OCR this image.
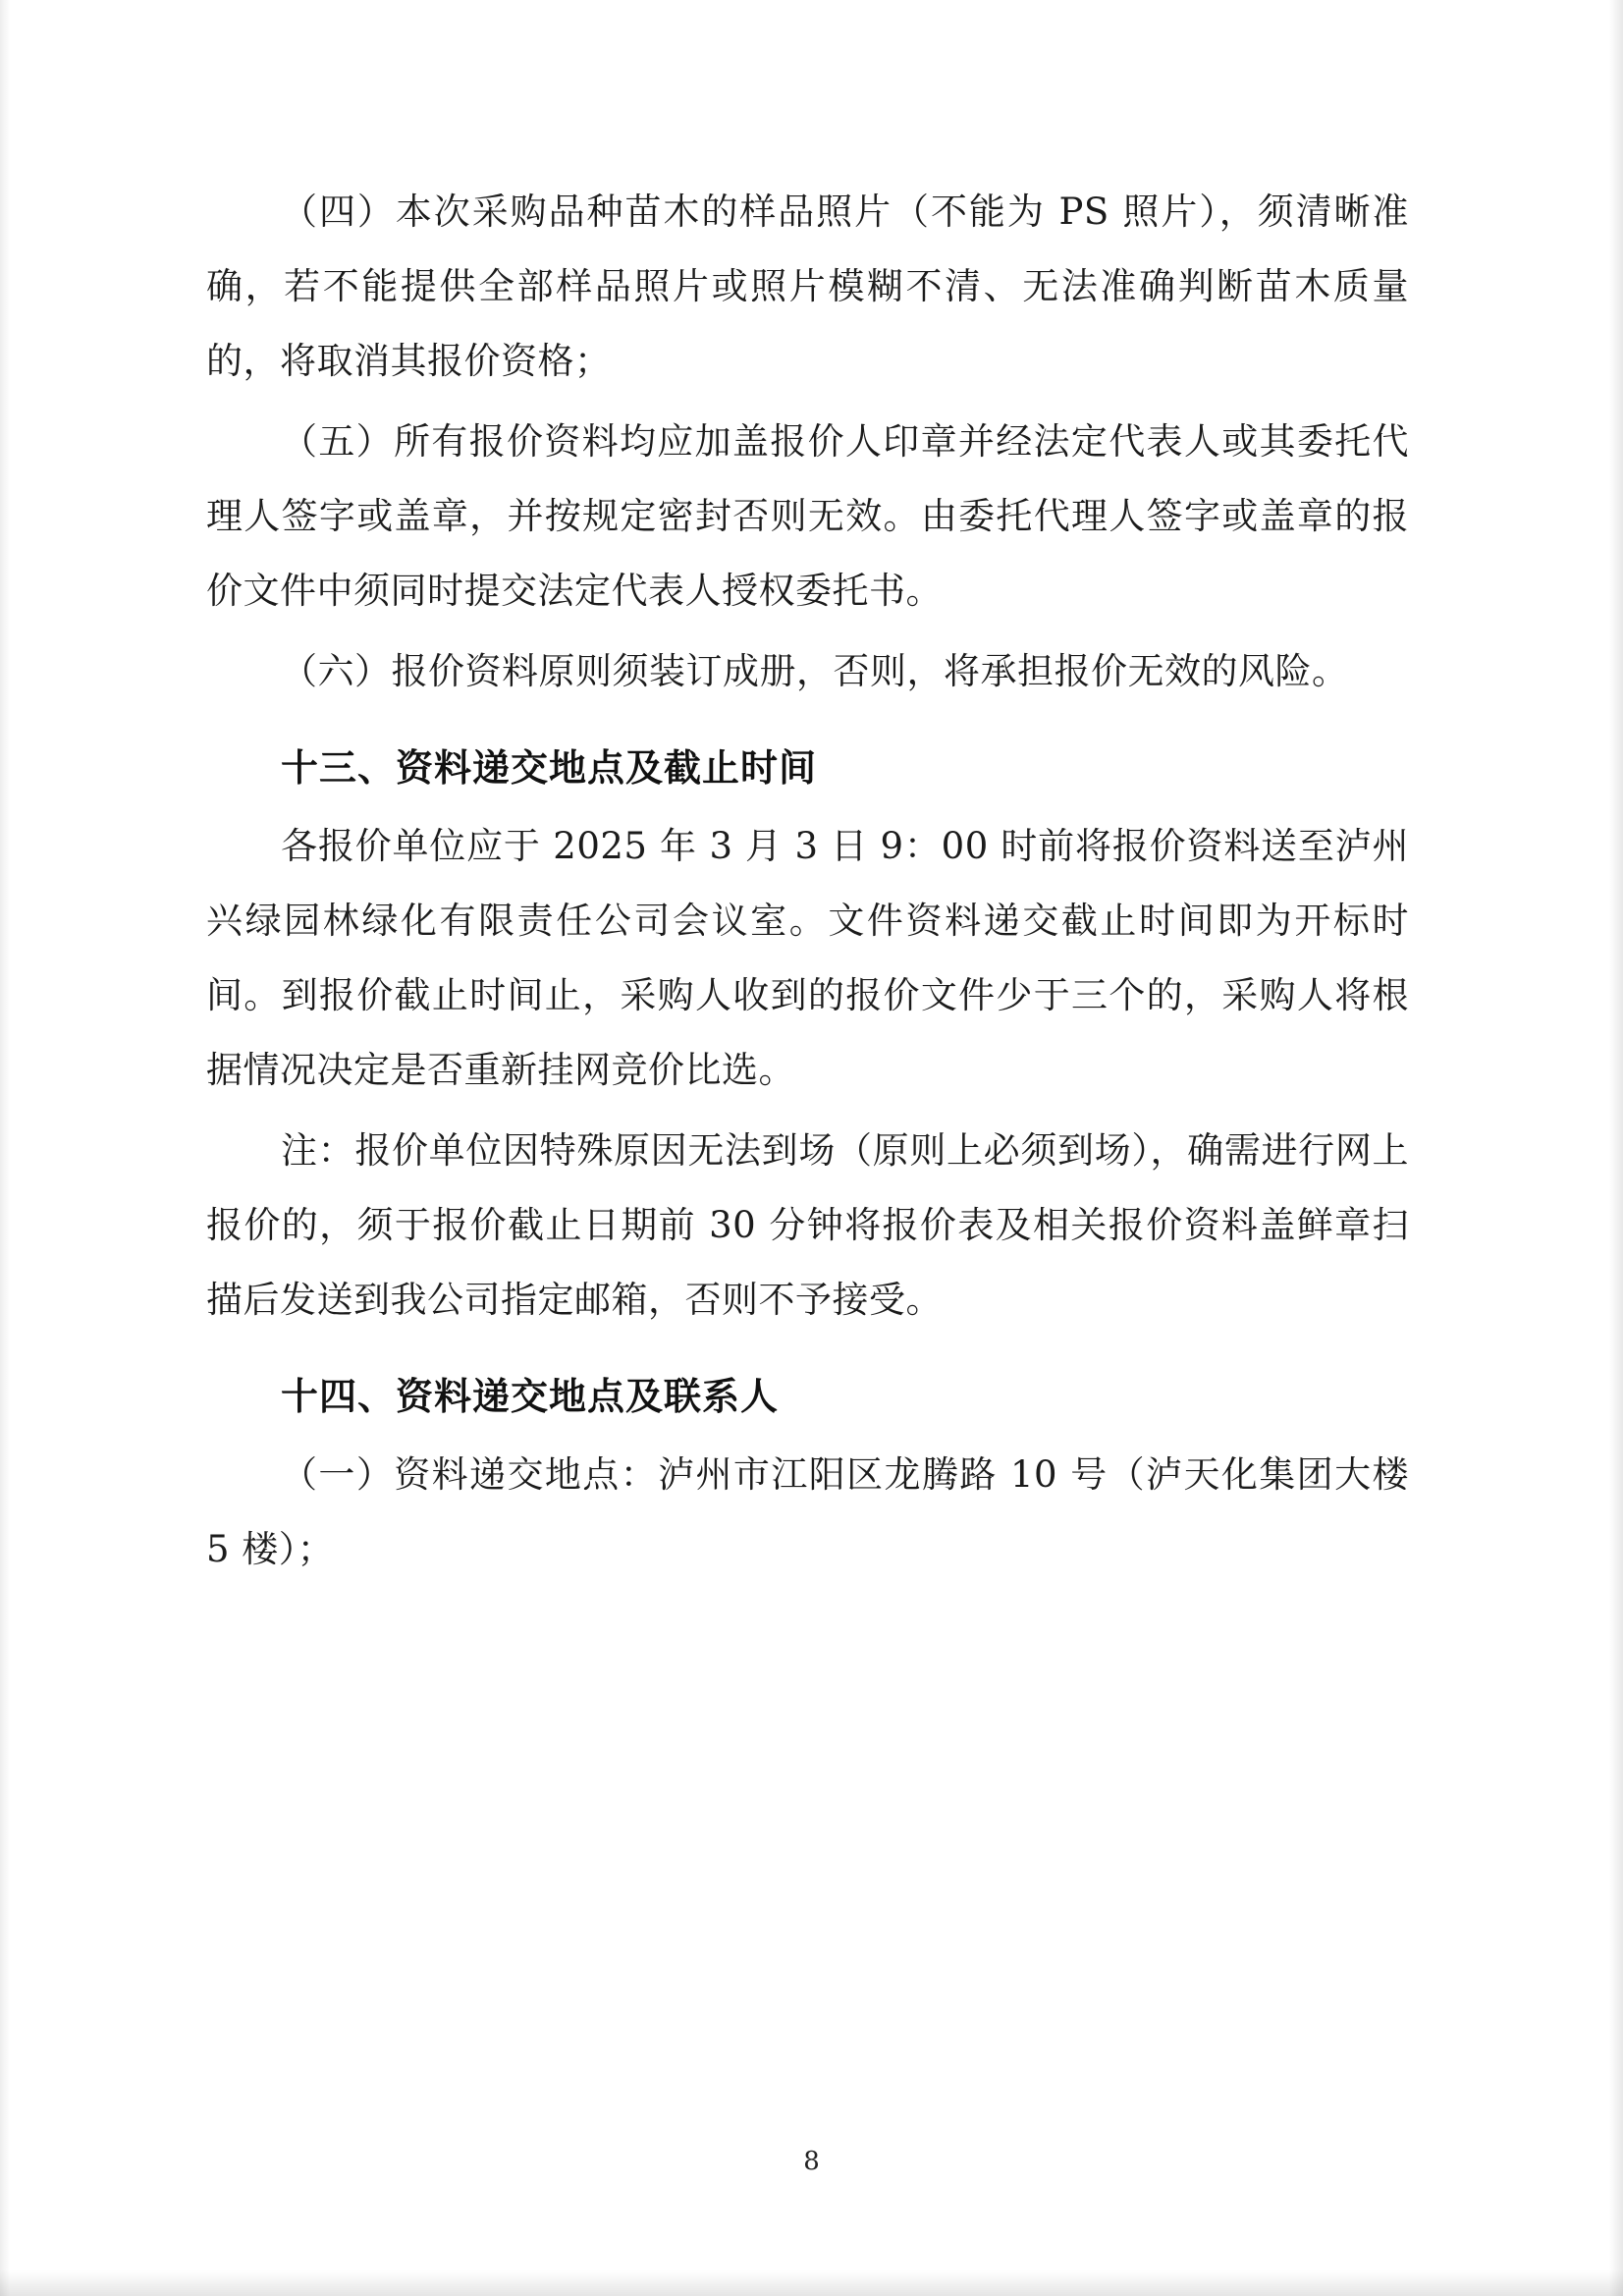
（四）本次采购品种苗木的样品照片（不能为 PS 照片），须清晰准确，若不能提供全部样品照片或照片模糊不清、无法准确判断苗木质量的，将取消其报价资格；

（五）所有报价资料均应加盖报价人印章并经法定代表人或其委托代理人签字或盖章，并按规定密封否则无效。由委托代理人签字或盖章的报价文件中须同时提交法定代表人授权委托书。

（六）报价资料原则须装订成册，否则，将承担报价无效的风险。

十三、资料递交地点及截止时间

各报价单位应于 2025 年 3 月 3 日 9：00 时前将报价资料送至泸州兴绿园林绿化有限责任公司会议室。文件资料递交截止时间即为开标时间。到报价截止时间止，采购人收到的报价文件少于三个的，采购人将根据情况决定是否重新挂网竞价比选。

注：报价单位因特殊原因无法到场（原则上必须到场），确需进行网上报价的，须于报价截止日期前 30 分钟将报价表及相关报价资料盖鲜章扫描后发送到我公司指定邮箱，否则不予接受。

十四、资料递交地点及联系人

（一）资料递交地点：泸州市江阳区龙腾路 10 号（泸天化集团大楼 5 楼）；

8
